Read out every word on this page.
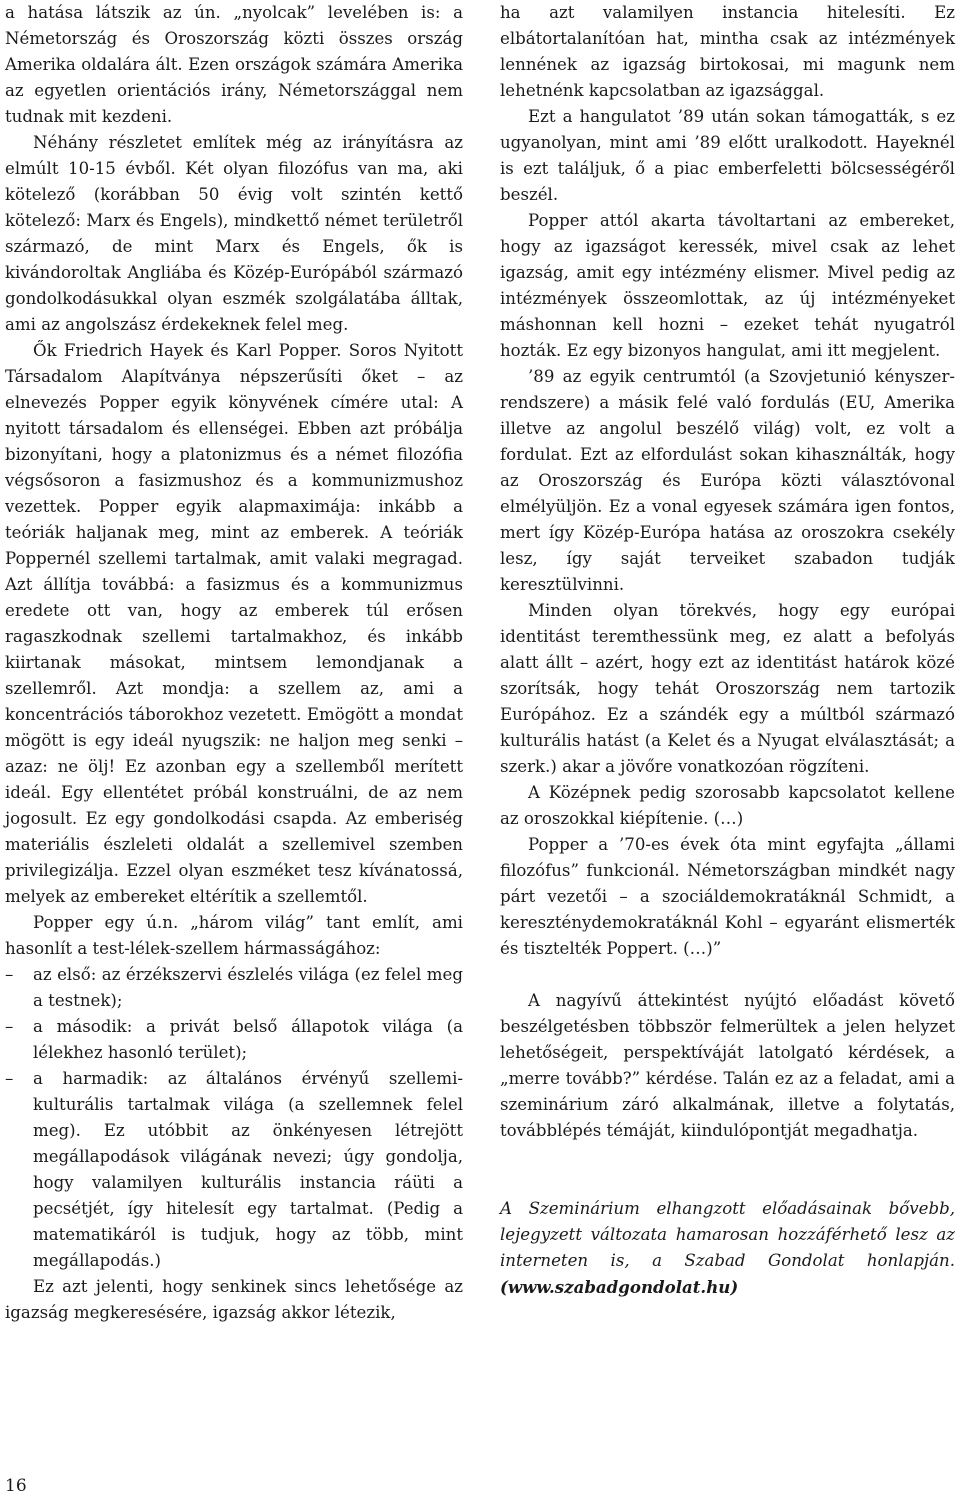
a hatása látszik az ún. „nyolcak” levelében is: a Németország és Oroszország közti összes ország Amerika oldalára ált. Ezen országok számára Amerika az egyetlen orientációs irány, Németországgal nem tudnak mit kezdeni.

Néhány részletet említek még az irányításra az elmúlt 10-15 évből. Két olyan filozófus van ma, aki kötelező (korábban 50 évig volt szintén kettő kötelező: Marx és Engels), mindkettő német területről származó, de mint Marx és Engels, ők is kivándoroltak Angliába és Közép-Európából származó gondolkodásukkal olyan eszmék szolgálatába álltak, ami az angolszász érdekeknek felel meg.

Ők Friedrich Hayek és Karl Popper. Soros Nyitott Társadalom Alapítványa népszerűsíti őket – az elnevezés Popper egyik könyvének címére utal: A nyitott társadalom és ellenségei. Ebben azt próbálja bizonyítani, hogy a platonizmus és a német filozófia végsősoron a fasizmushoz és a kommunizmushoz vezettek. Popper egyik alapmaximája: inkább a teóriák haljanak meg, mint az emberek. A teóriák Poppernél szellemi tartalmak, amit valaki megragad. Azt állítja továbbá: a fasizmus és a kommunizmus eredete ott van, hogy az emberek túl erősen ragaszkodnak szellemi tartalmakhoz, és inkább kiirtanak másokat, mintsem lemondjanak a szellemről. Azt mondja: a szellem az, ami a koncentrációs táborokhoz vezetett. Emögött a mondat mögött is egy ideál nyugszik: ne haljon meg senki – azaz: ne ölj! Ez azonban egy a szellemből merített ideál. Egy ellentétet próbál konstruálni, de az nem jogosult. Ez egy gondolkodási csapda. Az emberiség materiális észleleti oldalát a szellemivel szemben privilegizálja. Ezzel olyan eszméket tesz kívánatossá, melyek az embereket eltérítik a szellemtől.

Popper egy ú.n. „három világ” tant említ, ami hasonlít a test-lélek-szellem hármasságához:

– az első: az érzékszervi észlelés világa (ez felel meg a testnek);
– a második: a privát belső állapotok világa (a lélekhez hasonló terület);
– a harmadik: az általános érvényű szellemi-kulturális tartalmak világa (a szellemnek felel meg). Ez utóbbit az önkényesen létrejött megállapodások világának nevezi; úgy gondolja, hogy valamilyen kulturális instancia ráüti a pecsétjét, így hitelesít egy tartalmat. (Pedig a matematikáról is tudjuk, hogy az több, mint megállapodás.)

Ez azt jelenti, hogy senkinek sincs lehetősége az igazság megkeresésére, igazság akkor létezik,

ha azt valamilyen instancia hitelesíti. Ez elbátortalanítóan hat, mintha csak az intézmények lennének az igazság birtokosai, mi magunk nem lehetnénk kapcsolatban az igazsággal.

Ezt a hangulatot ’89 után sokan támogatták, s ez ugyanolyan, mint ami ’89 előtt uralkodott. Hayeknél is ezt találjuk, ő a piac emberfeletti bölcsességéről beszél.

Popper attól akarta távoltartani az embereket, hogy az igazságot keressék, mivel csak az lehet igazság, amit egy intézmény elismer. Mivel pedig az intézmények összeomlottak, az új intézményeket máshonnan kell hozni – ezeket tehát nyugatról hozták. Ez egy bizonyos hangulat, ami itt megjelent.

’89 az egyik centrumtól (a Szovjetunió kényszer-rendszere) a másik felé való fordulás (EU, Amerika illetve az angolul beszélő világ) volt, ez volt a fordulat. Ezt az elfordulást sokan kihasználták, hogy az Oroszország és Európa közti választóvonal elmélyüljön. Ez a vonal egyesek számára igen fontos, mert így Közép-Európa hatása az oroszokra csekély lesz, így saját terveiket szabadon tudják keresztülvinni.

Minden olyan törekvés, hogy egy európai identitást teremthessünk meg, ez alatt a befolyás alatt állt – azért, hogy ezt az identitást határok közé szorítsák, hogy tehát Oroszország nem tartozik Európához. Ez a szándék egy a múltból származó kulturális hatást (a Kelet és a Nyugat elválasztását; a szerk.) akar a jövőre vonatkozóan rögzíteni.

A Középnek pedig szorosabb kapcsolatot kellene az oroszokkal kiépítenie. (…)

Popper a ’70-es évek óta mint egyfajta „állami filozófus” funkcionál. Németországban mindkét nagy párt vezetői – a szociáldemokratáknál Schmidt, a kereszténydemokratáknál Kohl – egyaránt elismerték és tisztelték Poppert. (…)”

A nagyívű áttekintést nyújtó előadást követő beszélgetésben többször felmerültek a jelen helyzet lehetőségeit, perspektíváját latolgató kérdések, a „merre tovább?” kérdése. Talán ez az a feladat, ami a szeminárium záró alkalmának, illetve a folytatás, továbblépés témáját, kiindulópontját megadhatja.

A Szeminárium elhangzott előadásainak bővebb, lejegyzett változata hamarosan hozzáférhető lesz az interneten is, a Szabad Gondolat honlapján. (www.szabadgondolat.hu)

16
